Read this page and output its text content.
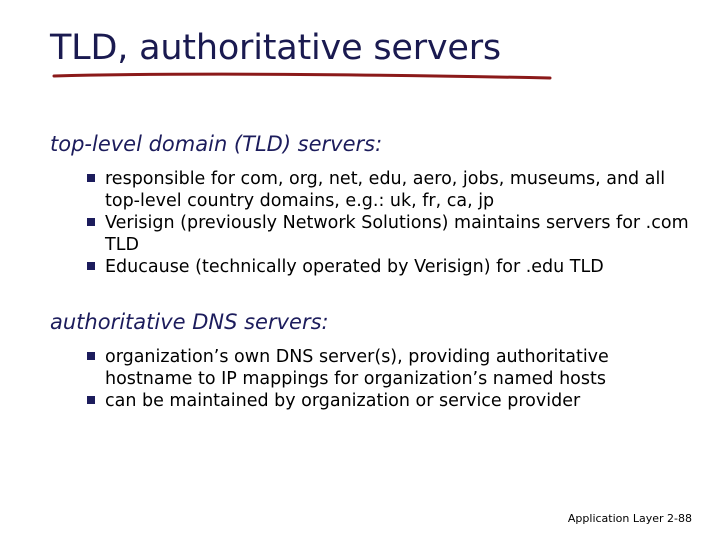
TLD, authoritative servers
top-level domain (TLD) servers:
responsible for com, org, net, edu, aero, jobs, museums, and all top-level country domains, e.g.: uk, fr, ca, jp
Verisign (previously Network Solutions) maintains servers for .com TLD
Educause (technically operated by Verisign) for .edu TLD
authoritative DNS servers:
organization’s own DNS server(s), providing authoritative hostname to IP mappings for organization’s named hosts
can be maintained by organization or service provider
Application Layer 2-88
